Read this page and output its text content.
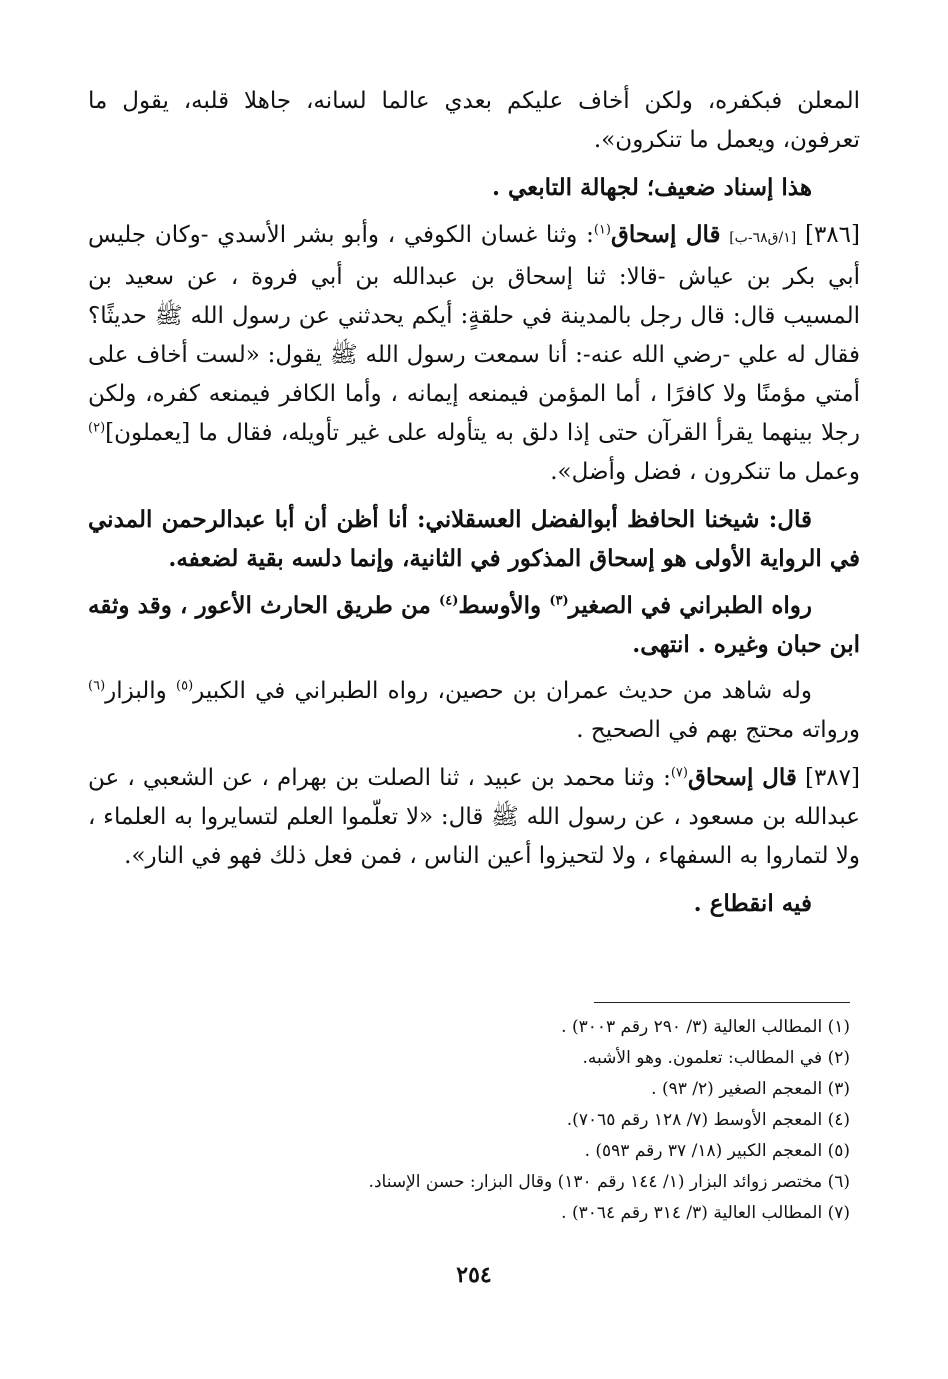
المعلن فبكفره، ولكن أخاف عليكم بعدي عالما لسانه، جاهلا قلبه، يقول ما تعرفون، ويعمل ما تنكرون».

هذا إسناد ضعيف؛ لجهالة التابعي .

[٣٨٦] [١/ق٦٨-ب] قال إسحاق$^{(١)}$: وثنا غسان الكوفي ، وأبو بشر الأسدي -وكان جليس أبي بكر بن عياش -قالا: ثنا إسحاق بن عبدالله بن أبي فروة ، عن سعيد بن المسيب قال: قال رجل بالمدينة في حلقةٍ: أيكم يحدثني عن رسول الله ﷺ حديثًا؟ فقال له علي -رضي الله عنه-: أنا سمعت رسول الله ﷺ يقول: «لست أخاف على أمتي مؤمنًا ولا كافرًا ، أما المؤمن فيمنعه إيمانه ، وأما الكافر فيمنعه كفره، ولكن رجلا بينهما يقرأ القرآن حتى إذا دلق به يتأوله على غير تأويله، فقال ما [يعملون]$^{(٢)}$ وعمل ما تنكرون ، فضل وأضل».

قال: شيخنا الحافظ أبوالفضل العسقلاني: أنا أظن أن أبا عبدالرحمن المدني في الرواية الأولى هو إسحاق المذكور في الثانية، وإنما دلسه بقية لضعفه.

رواه الطبراني في الصغير$^{(٣)}$ والأوسط$^{(٤)}$ من طريق الحارث الأعور ، وقد وثقه ابن حبان وغيره . انتهى.

وله شاهد من حديث عمران بن حصين، رواه الطبراني في الكبير$^{(٥)}$ والبزار$^{(٦)}$ ورواته محتج بهم في الصحيح .

[٣٨٧] قال إسحاق$^{(٧)}$: وثنا محمد بن عبيد ، ثنا الصلت بن بهرام ، عن الشعبي ، عن عبدالله بن مسعود ، عن رسول الله ﷺ قال: «لا تعلّموا العلم لتسايروا به العلماء ، ولا لتماروا به السفهاء ، ولا لتحيزوا أعين الناس ، فمن فعل ذلك فهو في النار».

فيه انقطاع .

(١) المطالب العالية (٣/ ٢٩٠ رقم ٣٠٠٣) .

(٢) في المطالب: تعلمون. وهو الأشبه.

(٣) المعجم الصغير (٢/ ٩٣) .

(٤) المعجم الأوسط (٧/ ١٢٨ رقم ٧٠٦٥).

(٥) المعجم الكبير (١٨/ ٣٧ رقم ٥٩٣) .

(٦) مختصر زوائد البزار (١/ ١٤٤ رقم ١٣٠) وقال البزار: حسن الإسناد.

(٧) المطالب العالية (٣/ ٣١٤ رقم ٣٠٦٤) .

٢٥٤
